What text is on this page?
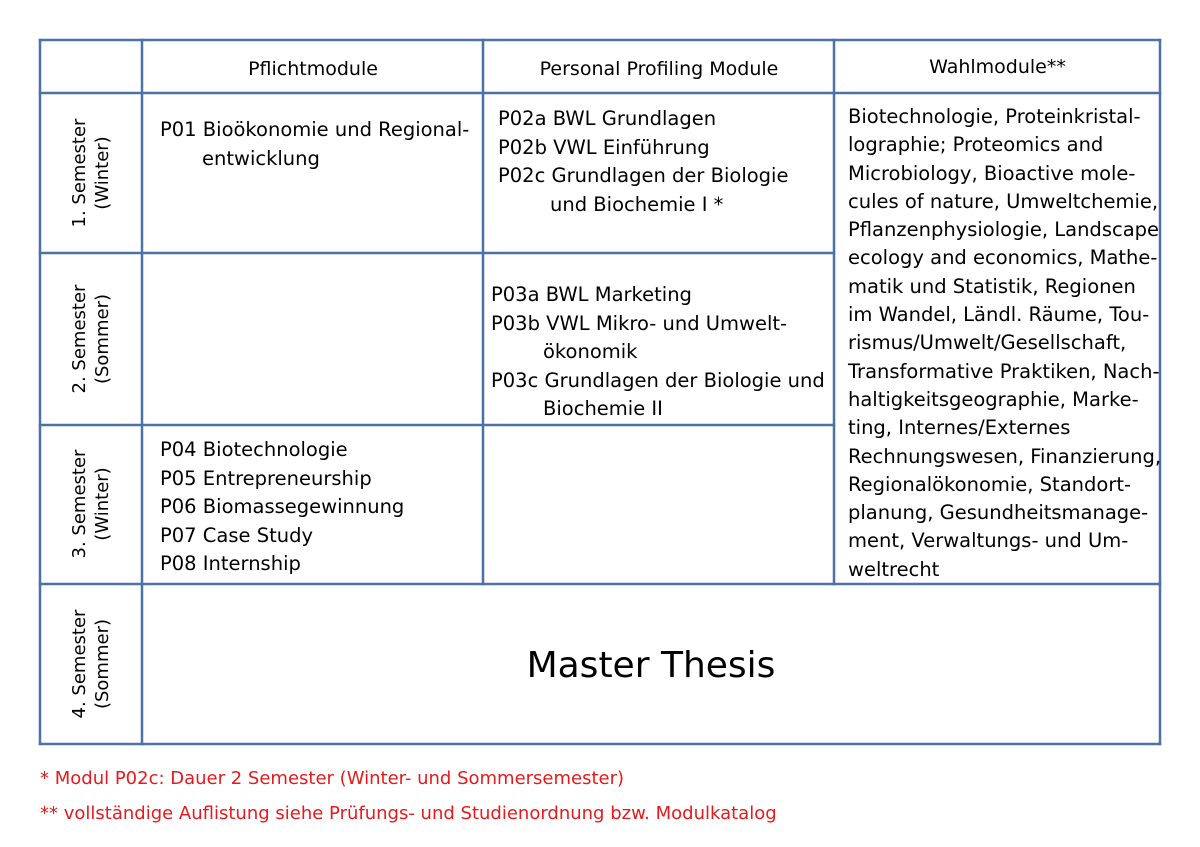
Pflichtmodule	Personal Profiling Module	Wahlmodule**
1. Semester (Winter)
2. Semester (Sommer)
3. Semester (Winter)
4. Semester (Sommer)
P01 Bioökonomie und Regional-
entwicklung
P02a BWL Grundlagen
P02b VWL Einführung
P02c Grundlagen der Biologie
und Biochemie I *
P03a BWL Marketing
P03b VWL Mikro- und Umwelt-
ökonomik
P03c Grundlagen der Biologie und
Biochemie II
P04 Biotechnologie
P05 Entrepreneurship
P06 Biomassegewinnung
P07 Case Study
P08 Internship
Biotechnologie, Proteinkristal-
lographie; Proteomics and
Microbiology, Bioactive mole-
cules of nature, Umweltchemie,
Pflanzenphysiologie, Landscape
ecology and economics, Mathe-
matik und Statistik, Regionen
im Wandel, Ländl. Räume, Tou-
rismus/Umwelt/Gesellschaft,
Transformative Praktiken, Nach-
haltigkeitsgeographie, Marke-
ting, Internes/Externes
Rechnungswesen, Finanzierung,
Regionalökonomie, Standort-
planung, Gesundheitsmanage-
ment, Verwaltungs- und Um-
weltrecht
Master Thesis
* Modul P02c: Dauer 2 Semester (Winter- und Sommersemester)
** vollständige Auflistung siehe Prüfungs- und Studienordnung bzw. Modulkatalog
